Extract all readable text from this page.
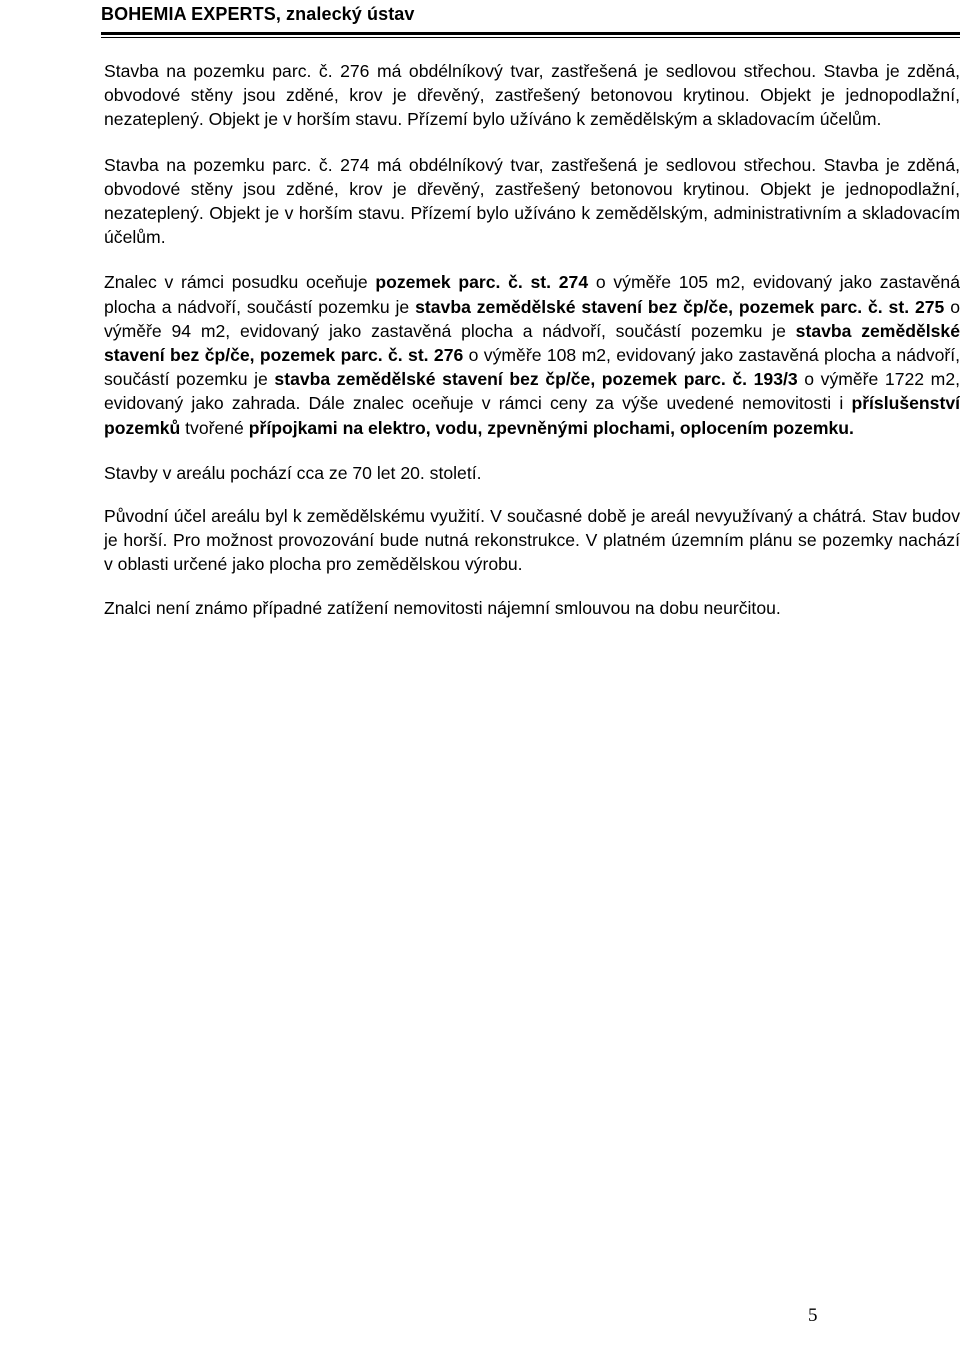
BOHEMIA EXPERTS, znalecký ústav

Stavba na pozemku parc. č. 276 má obdélníkový tvar, zastřešená je sedlovou střechou. Stavba je zděná, obvodové stěny jsou zděné, krov je dřevěný, zastřešený betonovou krytinou. Objekt je jednopodlažní, nezateplený. Objekt je v horším stavu. Přízemí bylo užíváno k zemědělským a skladovacím účelům.

Stavba na pozemku parc. č. 274 má obdélníkový tvar, zastřešená je sedlovou střechou. Stavba je zděná, obvodové stěny jsou zděné, krov je dřevěný, zastřešený betonovou krytinou. Objekt je jednopodlažní, nezateplený. Objekt je v horším stavu. Přízemí bylo užíváno k zemědělským, administrativním a skladovacím účelům.

Znalec v rámci posudku oceňuje pozemek parc. č. st. 274 o výměře 105 m2, evidovaný jako zastavěná plocha a nádvoří, součástí pozemku je stavba zemědělské stavení bez čp/če, pozemek parc. č. st. 275 o výměře 94 m2, evidovaný jako zastavěná plocha a nádvoří, součástí pozemku je stavba zemědělské stavení bez čp/če, pozemek parc. č. st. 276 o výměře 108 m2, evidovaný jako zastavěná plocha a nádvoří, součástí pozemku je stavba zemědělské stavení bez čp/če, pozemek parc. č. 193/3 o výměře 1722 m2, evidovaný jako zahrada. Dále znalec oceňuje v rámci ceny za výše uvedené nemovitosti i příslušenství pozemků tvořené přípojkami na elektro, vodu, zpevněnými plochami, oplocením pozemku.

Stavby v areálu pochází cca ze 70 let 20. století.

Původní účel areálu byl k zemědělskému využití. V současné době je areál nevyužívaný a chátrá. Stav budov je horší. Pro možnost provozování bude nutná rekonstrukce. V platném územním plánu se pozemky nachází v oblasti určené jako plocha pro zemědělskou výrobu.

Znalci není známo případné zatížení nemovitosti nájemní smlouvou na dobu neurčitou.

5
